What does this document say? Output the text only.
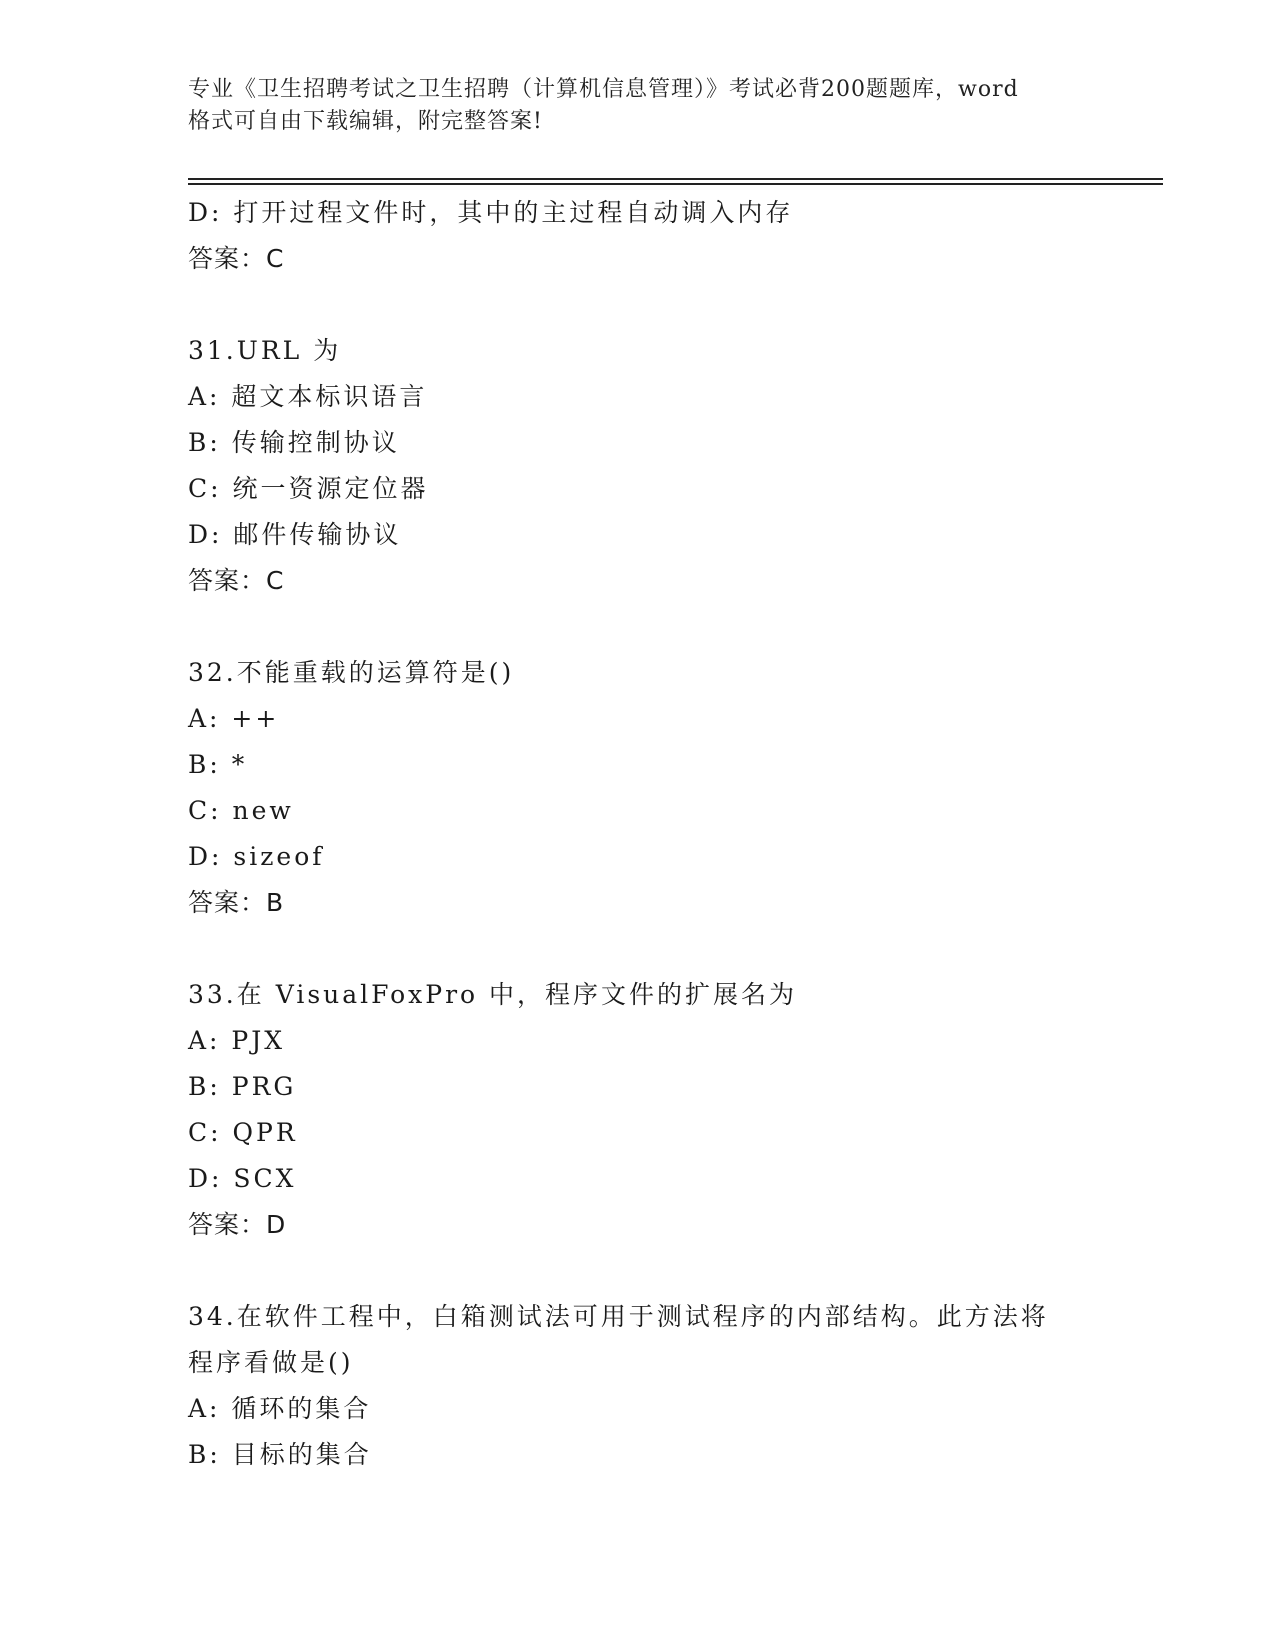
专业《卫生招聘考试之卫生招聘（计算机信息管理）》考试必背200题题库，word
格式可自由下载编辑，附完整答案!
D: 打开过程文件时，其中的主过程自动调入内存
答案：C
31.URL 为
A: 超文本标识语言
B: 传输控制协议
C: 统一资源定位器
D: 邮件传输协议
答案：C
32.不能重载的运算符是()
A: ++
B: *
C: new
D: sizeof
答案：B
33.在 VisualFoxPro 中，程序文件的扩展名为
A: PJX
B: PRG
C: QPR
D: SCX
答案：D
34.在软件工程中，白箱测试法可用于测试程序的内部结构。此方法将
程序看做是()
A: 循环的集合
B: 目标的集合
